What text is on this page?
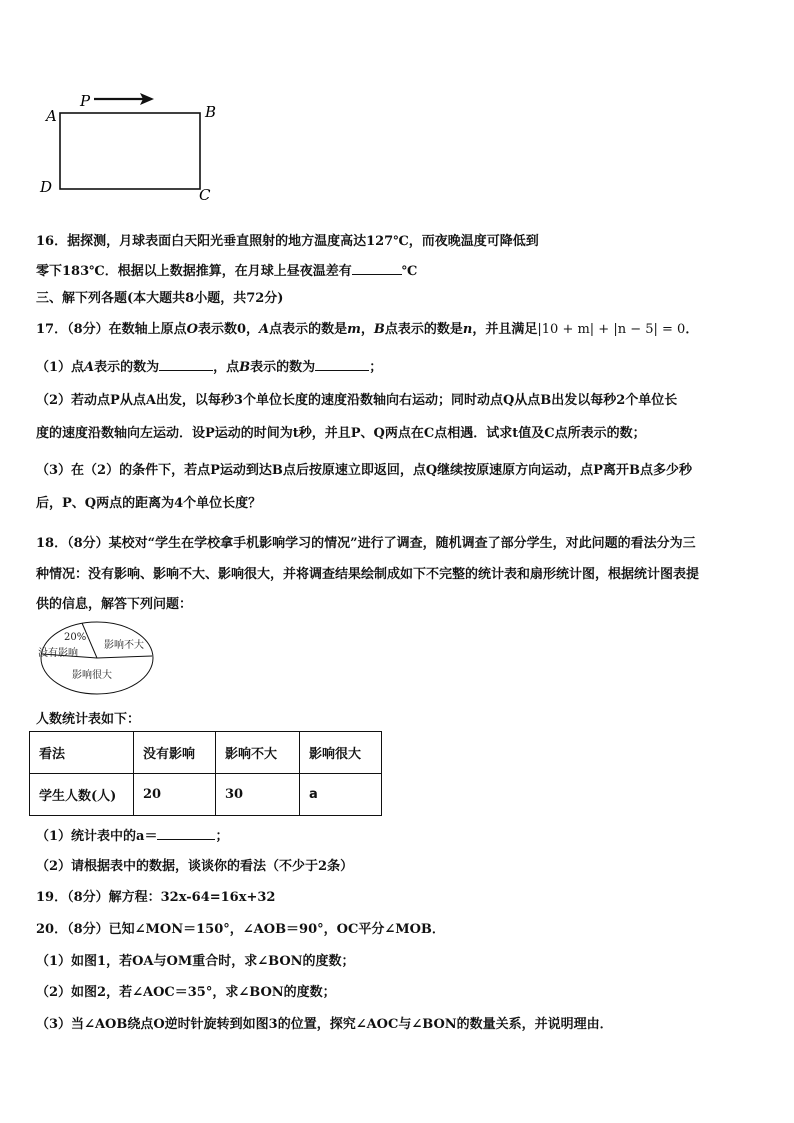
P
A	B
C
D
16．据探测，月球表面白天阳光垂直照射的地方温度高达127℃，而夜晚温度可降低到
零下183℃．根据以上数据推算，在月球上昼夜温差有	℃
三、解下列各题(本大题共8小题，共72分)
17．（8分）在数轴上原点O表示数0，A点表示的数是m，B点表示的数是n，并且满足|10 + m| + |n − 5| = 0．
（1）点A表示的数为	，点B表示的数为	；
（2）若动点P从点A出发，以每秒3个单位长度的速度沿数轴向右运动；同时动点Q从点B出发以每秒2个单位长
度的速度沿数轴向左运动．设P运动的时间为t秒，并且P、Q两点在C点相遇．试求t值及C点所表示的数；
（3）在（2）的条件下，若点P运动到达B点后按原速立即返回，点Q继续按原速原方向运动，点P离开B点多少秒
后，P、Q两点的距离为4个单位长度？
18．（8分）某校对“学生在学校拿手机影响学习的情况”进行了调查，随机调查了部分学生，对此问题的看法分为三
种情况：没有影响、影响不大、影响很大，并将调查结果绘制成如下不完整的统计表和扇形统计图，根据统计图表提
供的信息，解答下列问题：
20%
没有影响
影响不大
影响很大
人数统计表如下：
看法	没有影响	影响不大	影响很大
学生人数(人)	20	30	a
（1）统计表中的a＝	；
（2）请根据表中的数据，谈谈你的看法（不少于2条）
19．（8分）解方程：32x-64=16x+32
20．（8分）已知∠MON＝150°，∠AOB＝90°，OC平分∠MOB．
（1）如图1，若OA与OM重合时，求∠BON的度数；
（2）如图2，若∠AOC＝35°，求∠BON的度数；
（3）当∠AOB绕点O逆时针旋转到如图3的位置，探究∠AOC与∠BON的数量关系，并说明理由．
